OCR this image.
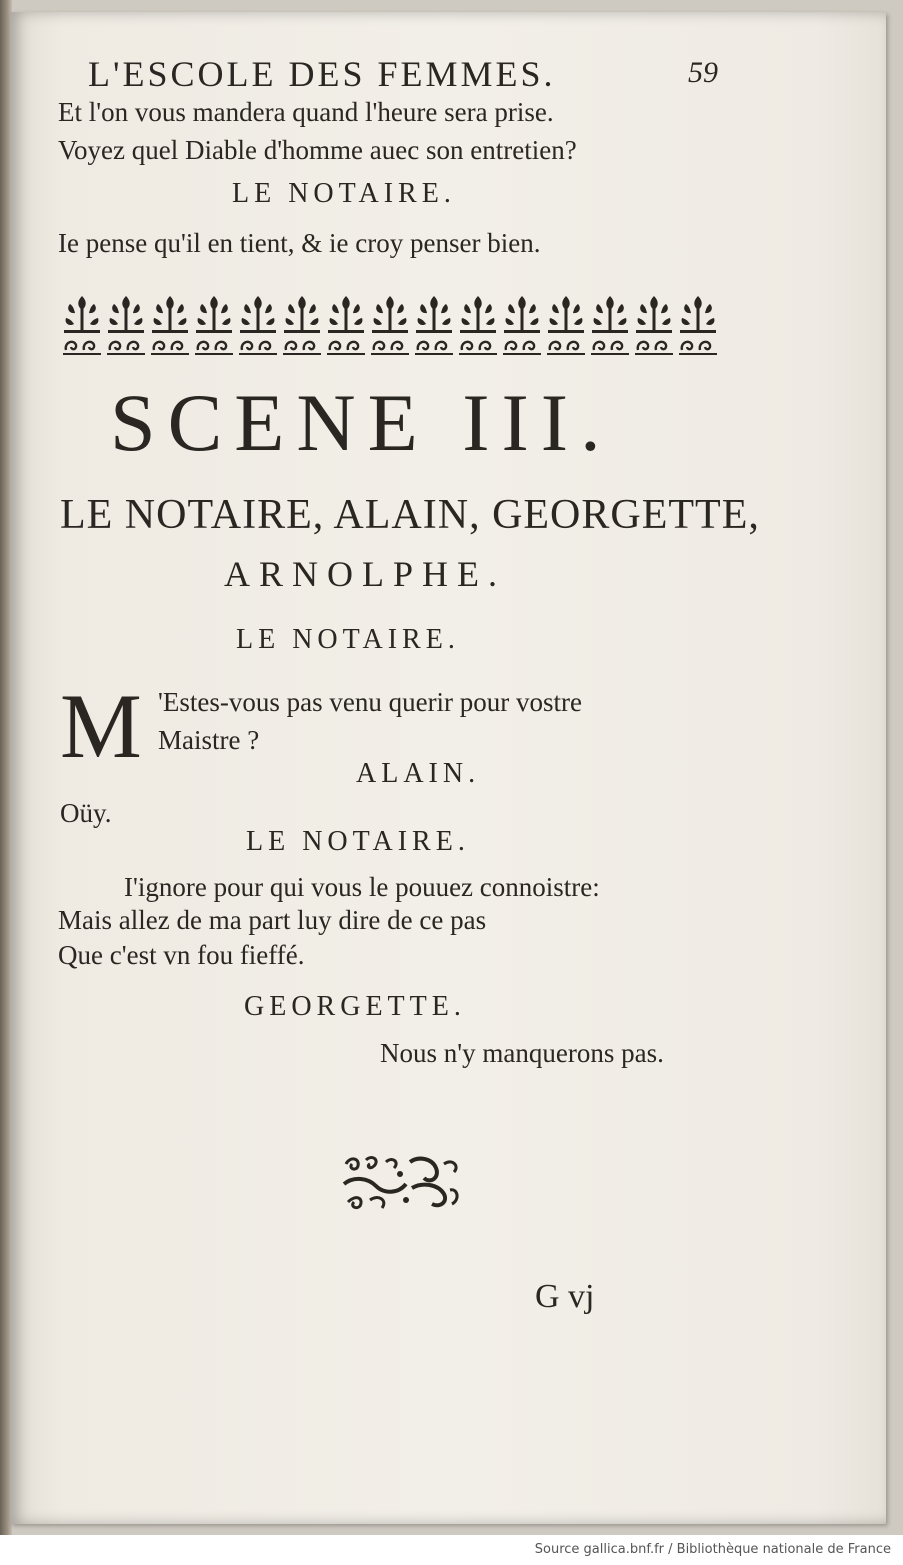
L'ESCOLE DES FEMMES.	59
Et l'on vous mandera quand l'heure sera prise.
Voyez quel Diable d'homme auec son entretien?
LE NOTAIRE.
Ie pense qu'il en tient, & ie croy penser bien.
SCENE III.
LE NOTAIRE, ALAIN, GEORGETTE,
ARNOLPHE.
LE NOTAIRE.
M 'Estes-vous pas venu querir pour vostre
Maistre ?
ALAIN.
Oüy.
LE NOTAIRE.
I'ignore pour qui vous le pouuez connoistre:
Mais allez de ma part luy dire de ce pas
Que c'est vn fou fieffé.
GEORGETTE.
Nous n'y manquerons pas.
G vj
Source gallica.bnf.fr / Bibliothèque nationale de France
